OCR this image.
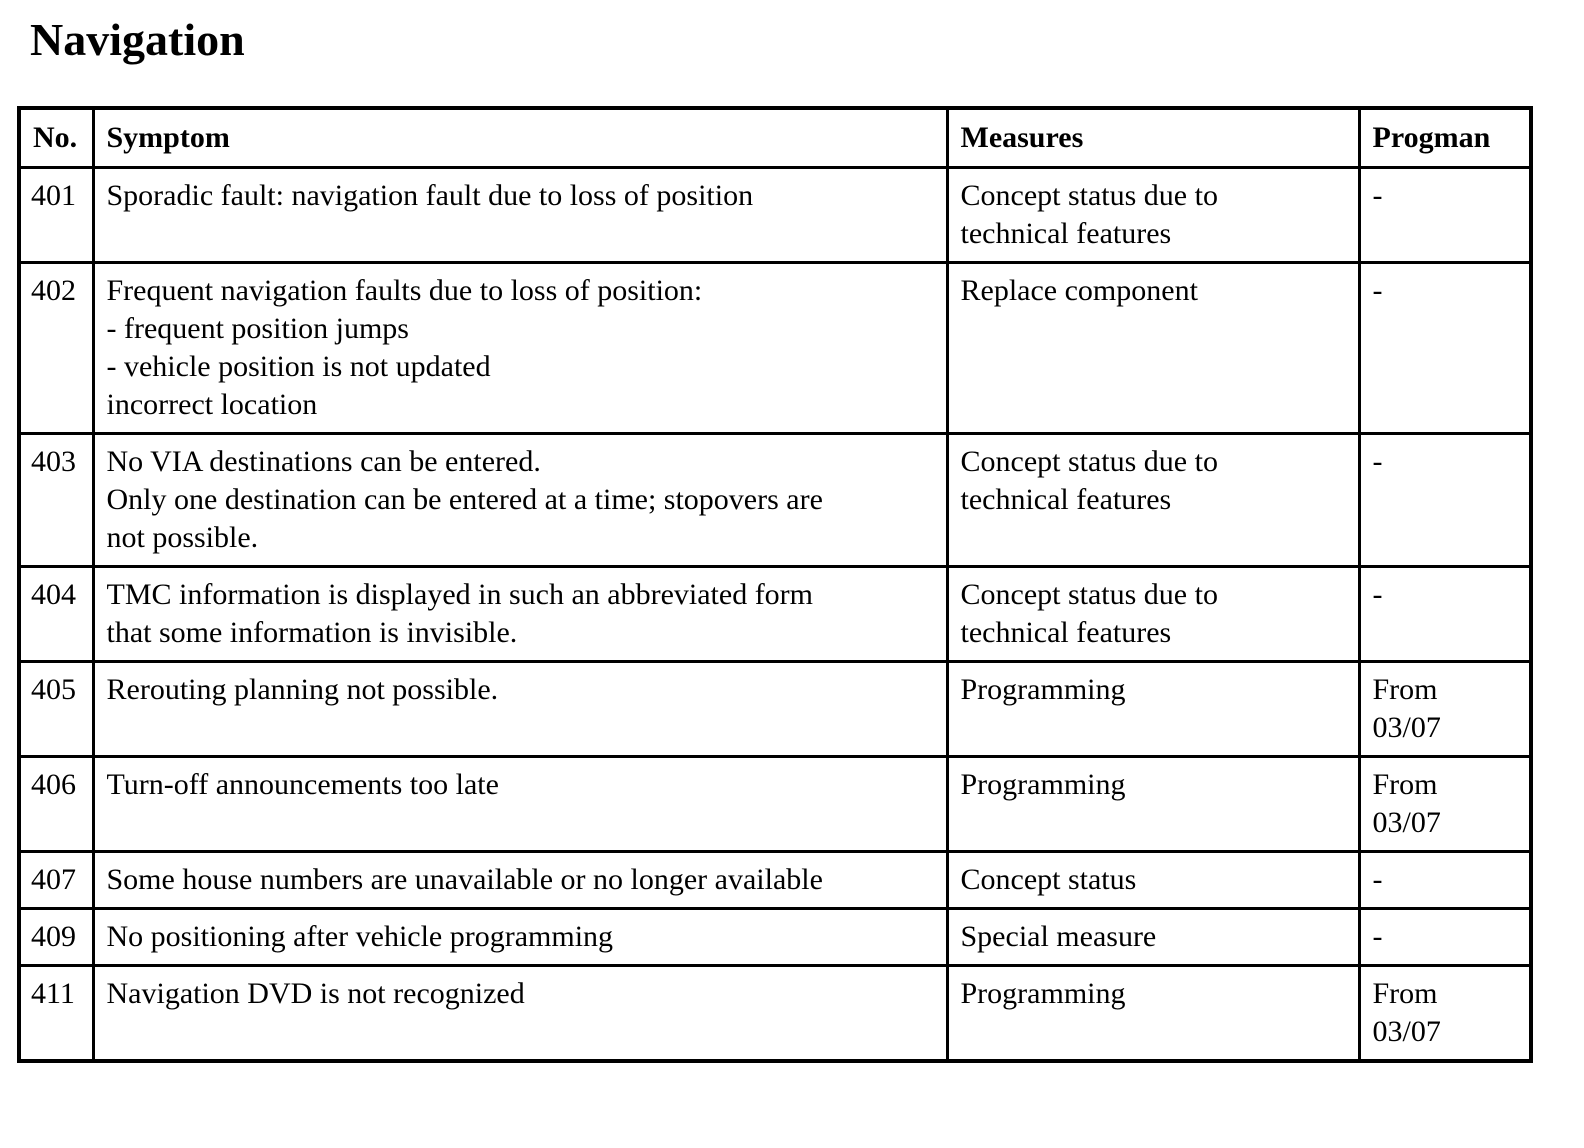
Navigation
No.	Symptom	Measures	Progman
401	Sporadic fault: navigation fault due to loss of position	Concept status due to
technical features	-
402	Frequent navigation faults due to loss of position:
- frequent position jumps
- vehicle position is not updated
incorrect location	Replace component	-
403	No VIA destinations can be entered.
Only one destination can be entered at a time; stopovers are
not possible.	Concept status due to
technical features	-
404	TMC information is displayed in such an abbreviated form
that some information is invisible.	Concept status due to
technical features	-
405	Rerouting planning not possible.	Programming	From
03/07
406	Turn-off announcements too late	Programming	From
03/07
407	Some house numbers are unavailable or no longer available	Concept status	-
409	No positioning after vehicle programming	Special measure	-
411	Navigation DVD is not recognized	Programming	From
03/07
